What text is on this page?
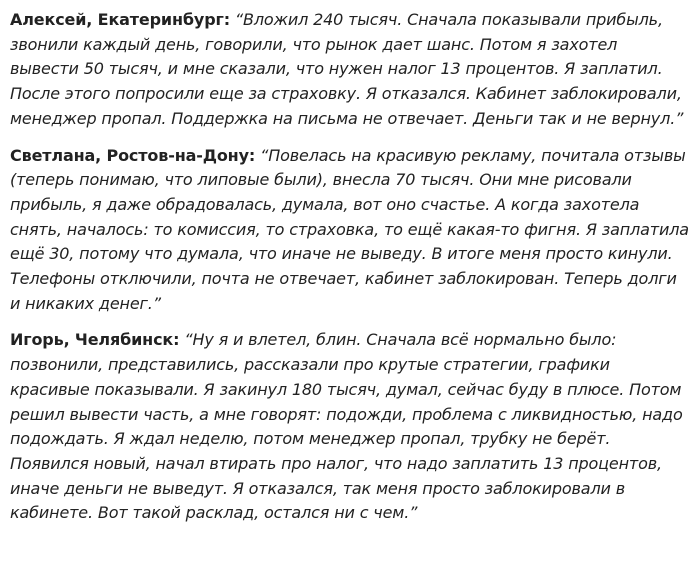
Алексей, Екатеринбург: “Вложил 240 тысяч. Сначала показывали прибыль, звонили каждый день, говорили, что рынок дает шанс. Потом я захотел вывести 50 тысяч, и мне сказали, что нужен налог 13 процентов. Я заплатил. После этого попросили еще за страховку. Я отказался. Кабинет заблокировали, менеджер пропал. Поддержка на письма не отвечает. Деньги так и не вернул.”

Светлана, Ростов-на-Дону: “Повелась на красивую рекламу, почитала отзывы (теперь понимаю, что липовые были), внесла 70 тысяч. Они мне рисовали прибыль, я даже обрадовалась, думала, вот оно счастье. А когда захотела снять, началось: то комиссия, то страховка, то ещё какая-то фигня. Я заплатила ещё 30, потому что думала, что иначе не выведу. В итоге меня просто кинули. Телефоны отключили, почта не отвечает, кабинет заблокирован. Теперь долги и никаких денег.”

Игорь, Челябинск: “Ну я и влетел, блин. Сначала всё нормально было: позвонили, представились, рассказали про крутые стратегии, графики красивые показывали. Я закинул 180 тысяч, думал, сейчас буду в плюсе. Потом решил вывести часть, а мне говорят: подожди, проблема с ликвидностью, надо подождать. Я ждал неделю, потом менеджер пропал, трубку не берёт. Появился новый, начал втирать про налог, что надо заплатить 13 процентов, иначе деньги не выведут. Я отказался, так меня просто заблокировали в кабинете. Вот такой расклад, остался ни с чем.”
